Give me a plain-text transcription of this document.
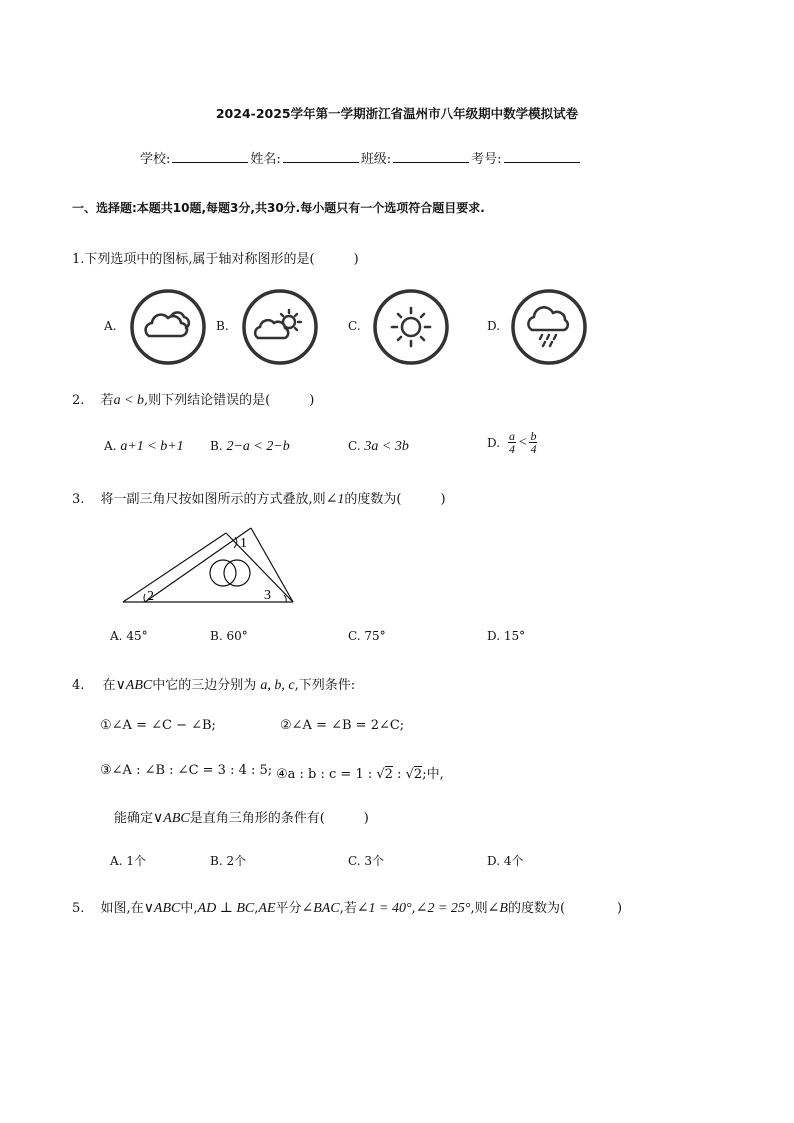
2024-2025学年第一学期浙江省温州市八年级期中数学模拟试卷
学校:	姓名:	班级:	考号:
一、选择题:本题共10题,每题3分,共30分.每小题只有一个选项符合题目要求.
1.下列选项中的图标,属于轴对称图形的是(　　　)
A.	B.	C.	D.
2. 若a < b,则下列结论错误的是(　　　)
A. a+1 < b+1 B. 2−a < 2−b	C. 3a < 3b	D. $\frac{a}{4} < \frac{b}{4}$
3. 将一副三角尺按如图所示的方式叠放,则∠1的度数为(　　　)
1
2	3
A. 45°	B. 60°	C. 75°	D. 15°
4. 在∨ABC中它的三边分别为 a, b, c,下列条件:
①∠A = ∠C − ∠B;	②∠A = ∠B = 2∠C;
③∠A : ∠B : ∠C = 3 : 4 : 5; ④a : b : c = 1 : √2 : √2;中,
能确定∨ABC是直角三角形的条件有(　　　)
A. 1个	B. 2个	C. 3个	D. 4个
5. 如图,在∨ABC中,AD ⊥ BC,AE平分∠BAC,若∠1 = 40°,∠2 = 25°,则∠B的度数为(　　　　)
